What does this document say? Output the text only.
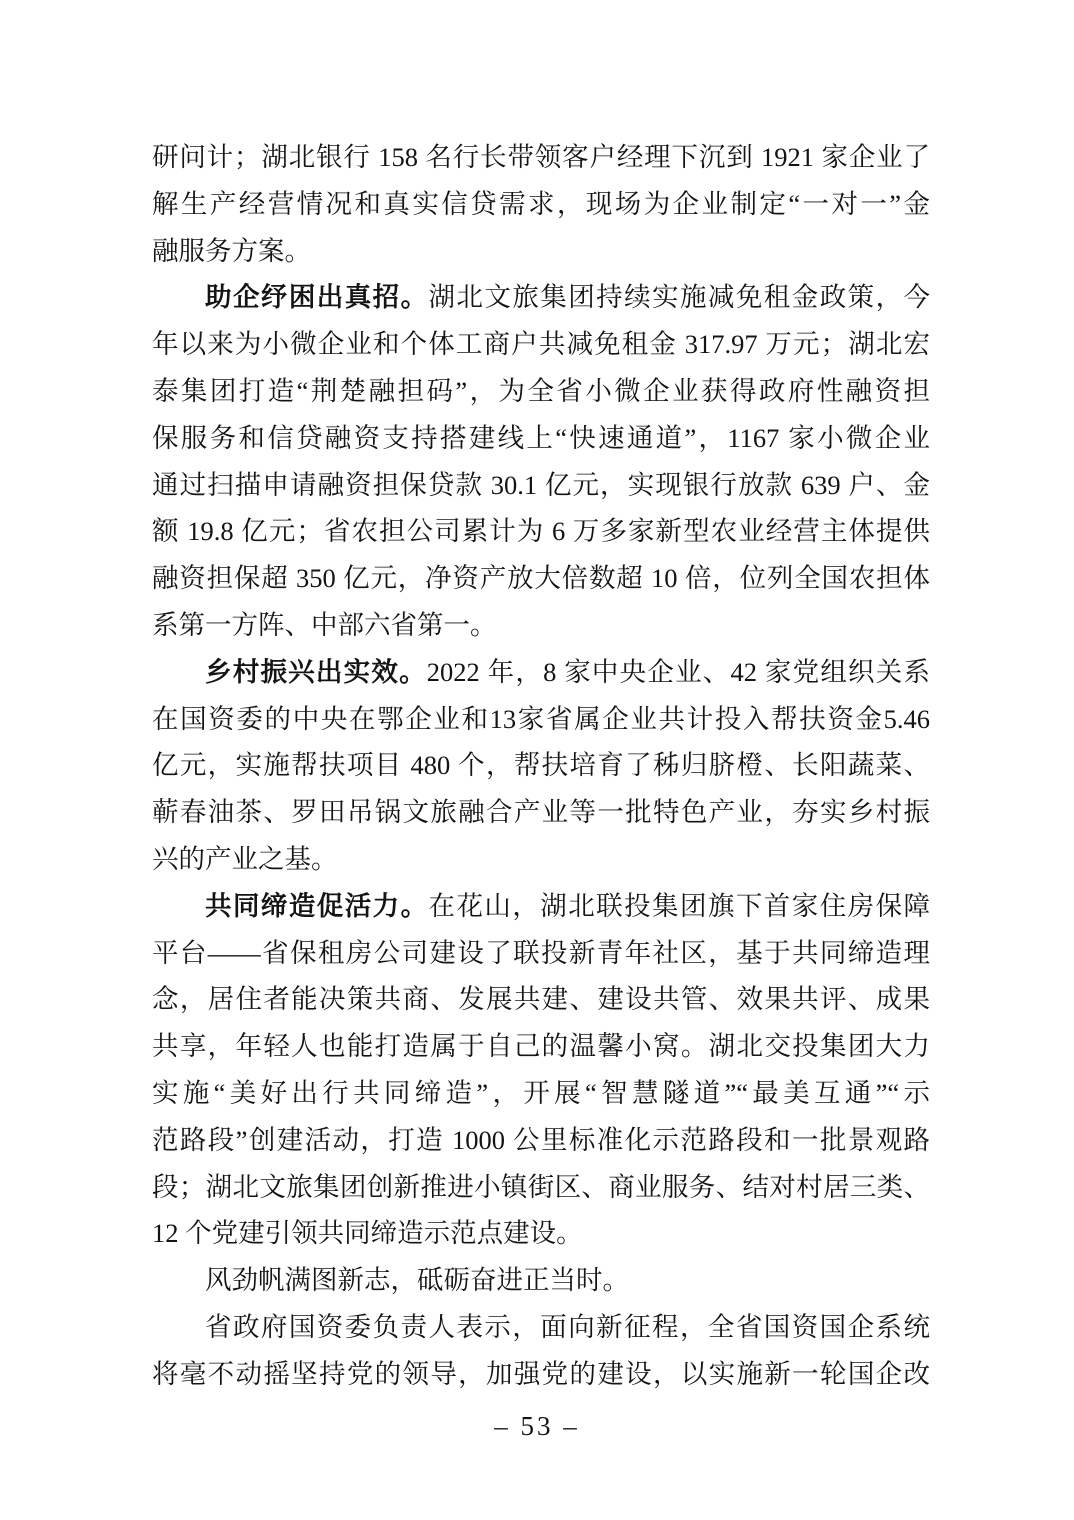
研问计；湖北银行 158 名行长带领客户经理下沉到 1921 家企业了
解生产经营情况和真实信贷需求，现场为企业制定“一对一”金
融服务方案。
助企纾困出真招。湖北文旅集团持续实施减免租金政策，今
年以来为小微企业和个体工商户共减免租金 317.97 万元；湖北宏
泰集团打造“荆楚融担码”，为全省小微企业获得政府性融资担
保服务和信贷融资支持搭建线上“快速通道”，1167 家小微企业
通过扫描申请融资担保贷款 30.1 亿元，实现银行放款 639 户、金
额 19.8 亿元；省农担公司累计为 6 万多家新型农业经营主体提供
融资担保超 350 亿元，净资产放大倍数超 10 倍，位列全国农担体
系第一方阵、中部六省第一。
乡村振兴出实效。2022 年，8 家中央企业、42 家党组织关系
在国资委的中央在鄂企业和13家省属企业共计投入帮扶资金5.46
亿元，实施帮扶项目 480 个，帮扶培育了秭归脐橙、长阳蔬菜、
蕲春油茶、罗田吊锅文旅融合产业等一批特色产业，夯实乡村振
兴的产业之基。
共同缔造促活力。在花山，湖北联投集团旗下首家住房保障
平台——省保租房公司建设了联投新青年社区，基于共同缔造理
念，居住者能决策共商、发展共建、建设共管、效果共评、成果
共享，年轻人也能打造属于自己的温馨小窝。湖北交投集团大力
实施“美好出行共同缔造”，开展“智慧隧道”“最美互通”“示
范路段”创建活动，打造 1000 公里标准化示范路段和一批景观路
段；湖北文旅集团创新推进小镇街区、商业服务、结对村居三类、
12 个党建引领共同缔造示范点建设。
风劲帆满图新志，砥砺奋进正当时。
省政府国资委负责人表示，面向新征程，全省国资国企系统
将毫不动摇坚持党的领导，加强党的建设，以实施新一轮国企改
– 53 –
